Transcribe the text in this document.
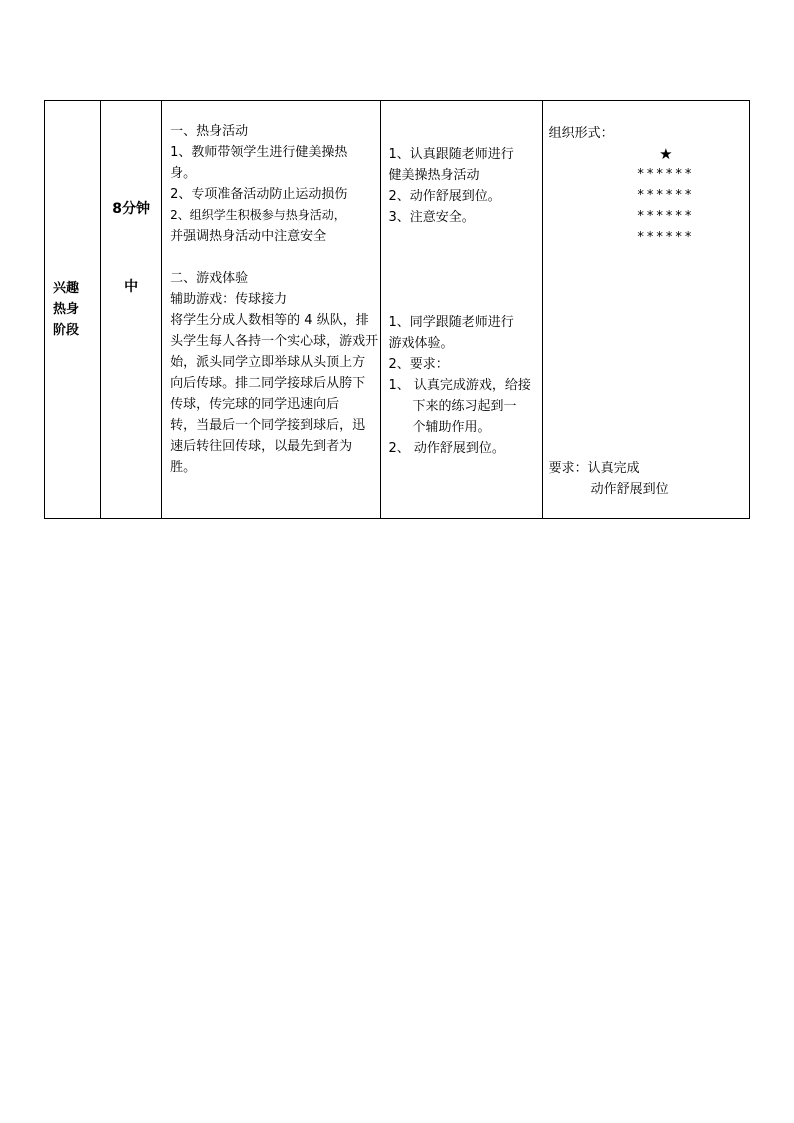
兴趣热身阶段

8分钟
中

一、热身活动
1、教师带领学生进行健美操热
身。
2、专项准备活动防止运动损伤
2、组织学生积极参与热身活动，
并强调热身活动中注意安全
二、游戏体验
辅助游戏：传球接力
将学生分成人数相等的 4 纵队，排
头学生每人各持一个实心球，游戏开
始，派头同学立即举球从头顶上方
向后传球。排二同学接球后从胯下
传球，传完球的同学迅速向后
转，当最后一个同学接到球后，迅
速后转往回传球，以最先到者为
胜。

1、认真跟随老师进行
健美操热身活动
2、动作舒展到位。
3、注意安全。
1、同学跟随老师进行
游戏体验。
2、要求：
1、 认真完成游戏，给接
下来的练习起到一
个辅助作用。
2、 动作舒展到位。

组织形式：
★
******
******
******
******
要求：认真完成
动作舒展到位
